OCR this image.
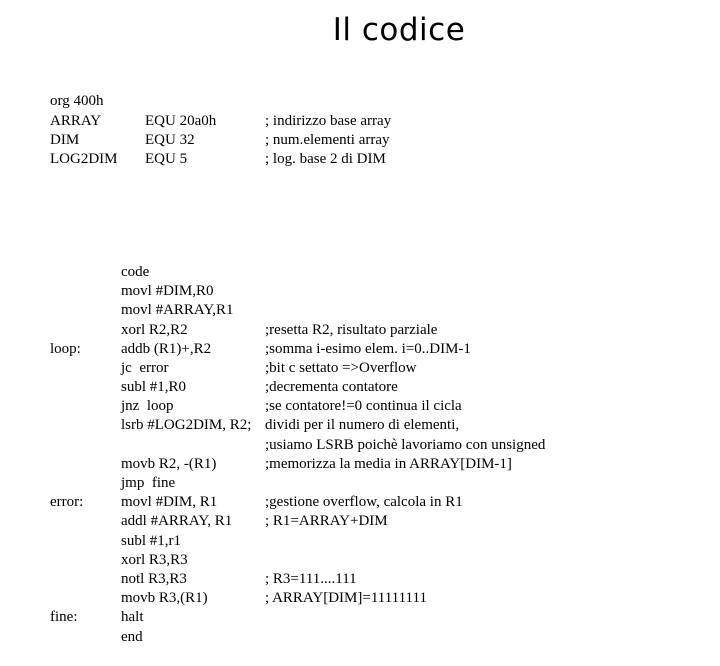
Il codice

org 400h
ARRAY	EQU 20a0h	; indirizzo base array
DIM	EQU 32	; num.elementi array
LOG2DIM EQU 5	; log. base 2 di DIM

code
movl #DIM,R0
movl #ARRAY,R1
xorl R2,R2	;resetta R2, risultato parziale
loop:	addb (R1)+,R2	;somma i-esimo elem. i=0..DIM-1
jc  error	;bit c settato =>Overflow
subl #1,R0	;decrementa contatore
jnz  loop	;se contatore!=0 continua il cicla
lsrb #LOG2DIM, R2; dividi per il numero di elementi,
;usiamo LSRB poichè lavoriamo con unsigned
movb R2, -(R1)	;memorizza la media in ARRAY[DIM-1]
jmp  fine
error:	movl #DIM, R1	;gestione overflow, calcola in R1
addl #ARRAY, R1 ; R1=ARRAY+DIM
subl #1,r1
xorl R3,R3
notl R3,R3	; R3=111....111
movb R3,(R1)	; ARRAY[DIM]=11111111
fine:	halt
end
